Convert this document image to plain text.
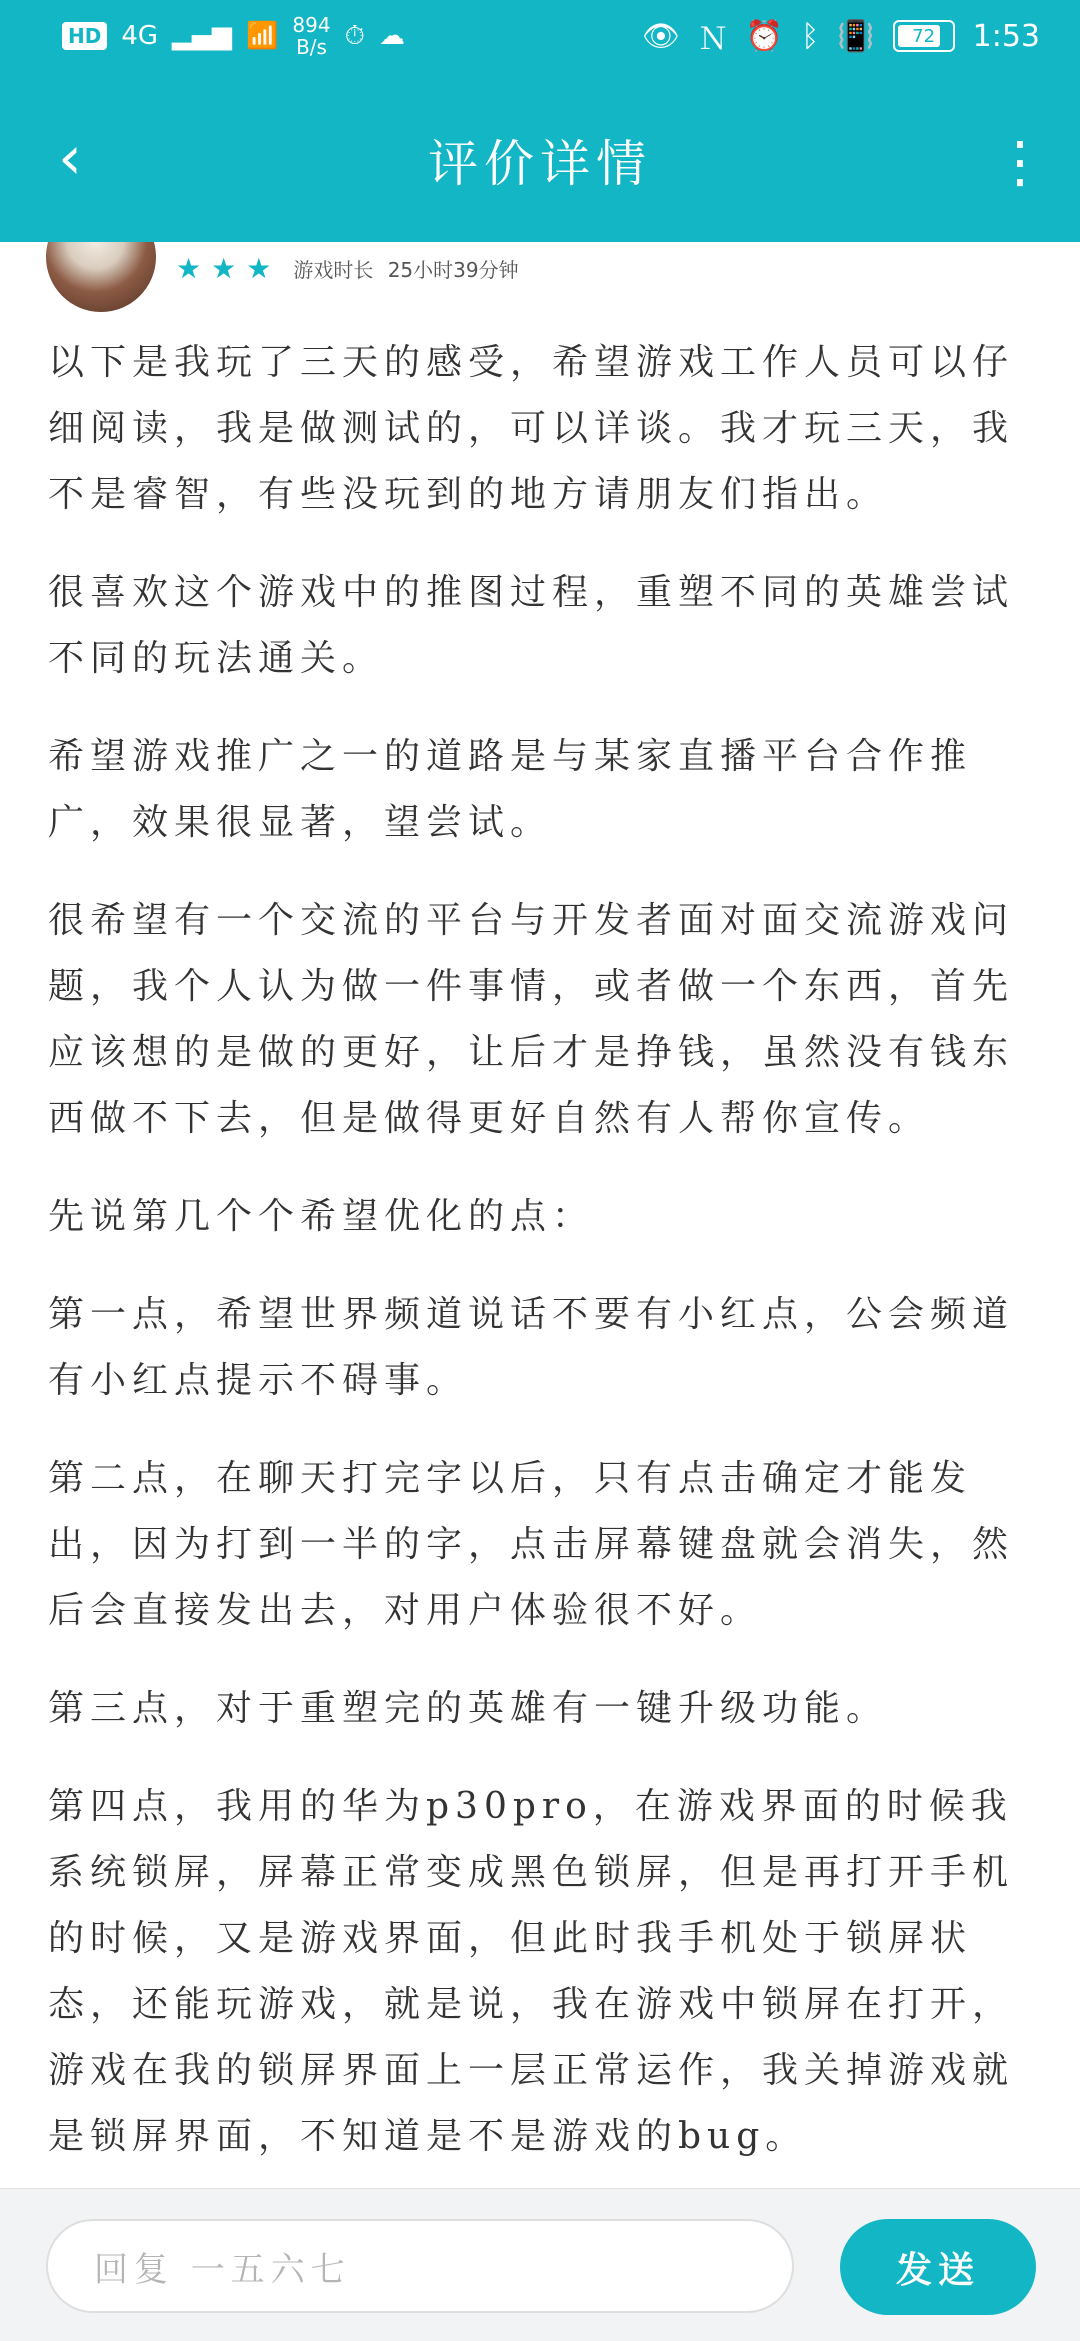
HD 4G ▂▄▆ 📶 894
B/s ⏱ ☁	👁 Ｎ ⏰ ᛒ 📳 72 1:53
‹	评价详情	⋮
★ ★ ★ 游戏时长 25小时39分钟

以下是我玩了三天的感受，希望游戏工作人员可以仔细阅读，我是做测试的，可以详谈。我才玩三天，我不是睿智，有些没玩到的地方请朋友们指出。

很喜欢这个游戏中的推图过程，重塑不同的英雄尝试不同的玩法通关。

希望游戏推广之一的道路是与某家直播平台合作推广，效果很显著，望尝试。

很希望有一个交流的平台与开发者面对面交流游戏问题，我个人认为做一件事情，或者做一个东西，首先应该想的是做的更好，让后才是挣钱，虽然没有钱东西做不下去，但是做得更好自然有人帮你宣传。

先说第几个个希望优化的点：

第一点，希望世界频道说话不要有小红点，公会频道有小红点提示不碍事。

第二点，在聊天打完字以后，只有点击确定才能发出，因为打到一半的字，点击屏幕键盘就会消失，然后会直接发出去，对用户体验很不好。

第三点，对于重塑完的英雄有一键升级功能。

第四点，我用的华为p30pro，在游戏界面的时候我系统锁屏，屏幕正常变成黑色锁屏，但是再打开手机的时候，又是游戏界面，但此时我手机处于锁屏状态，还能玩游戏，就是说，我在游戏中锁屏在打开，游戏在我的锁屏界面上一层正常运作，我关掉游戏就是锁屏界面，不知道是不是游戏的bug。

回复 一五六七	发送
